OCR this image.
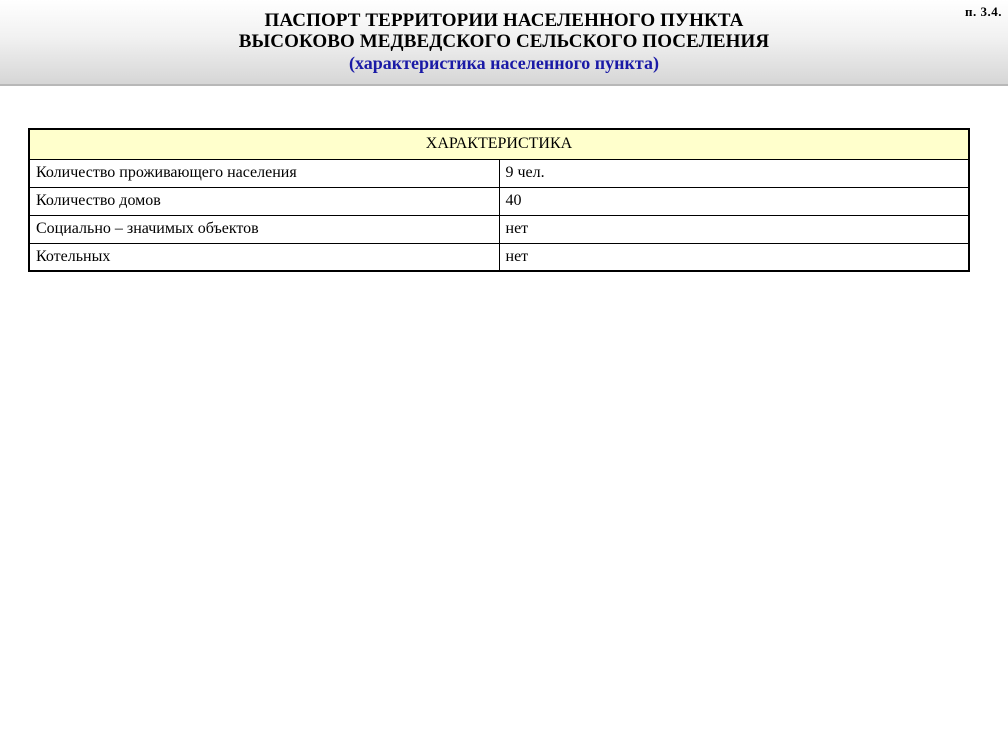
ПАСПОРТ ТЕРРИТОРИИ НАСЕЛЕННОГО ПУНКТА
ВЫСОКОВО МЕДВЕДСКОГО СЕЛЬСКОГО ПОСЕЛЕНИЯ
(характеристика населенного пункта)
п. 3.4.
ХАРАКТЕРИСТИКА	
Количество проживающего населения	9 чел.
Количество домов	40
Социально – значимых объектов	нет
Котельных	нет
